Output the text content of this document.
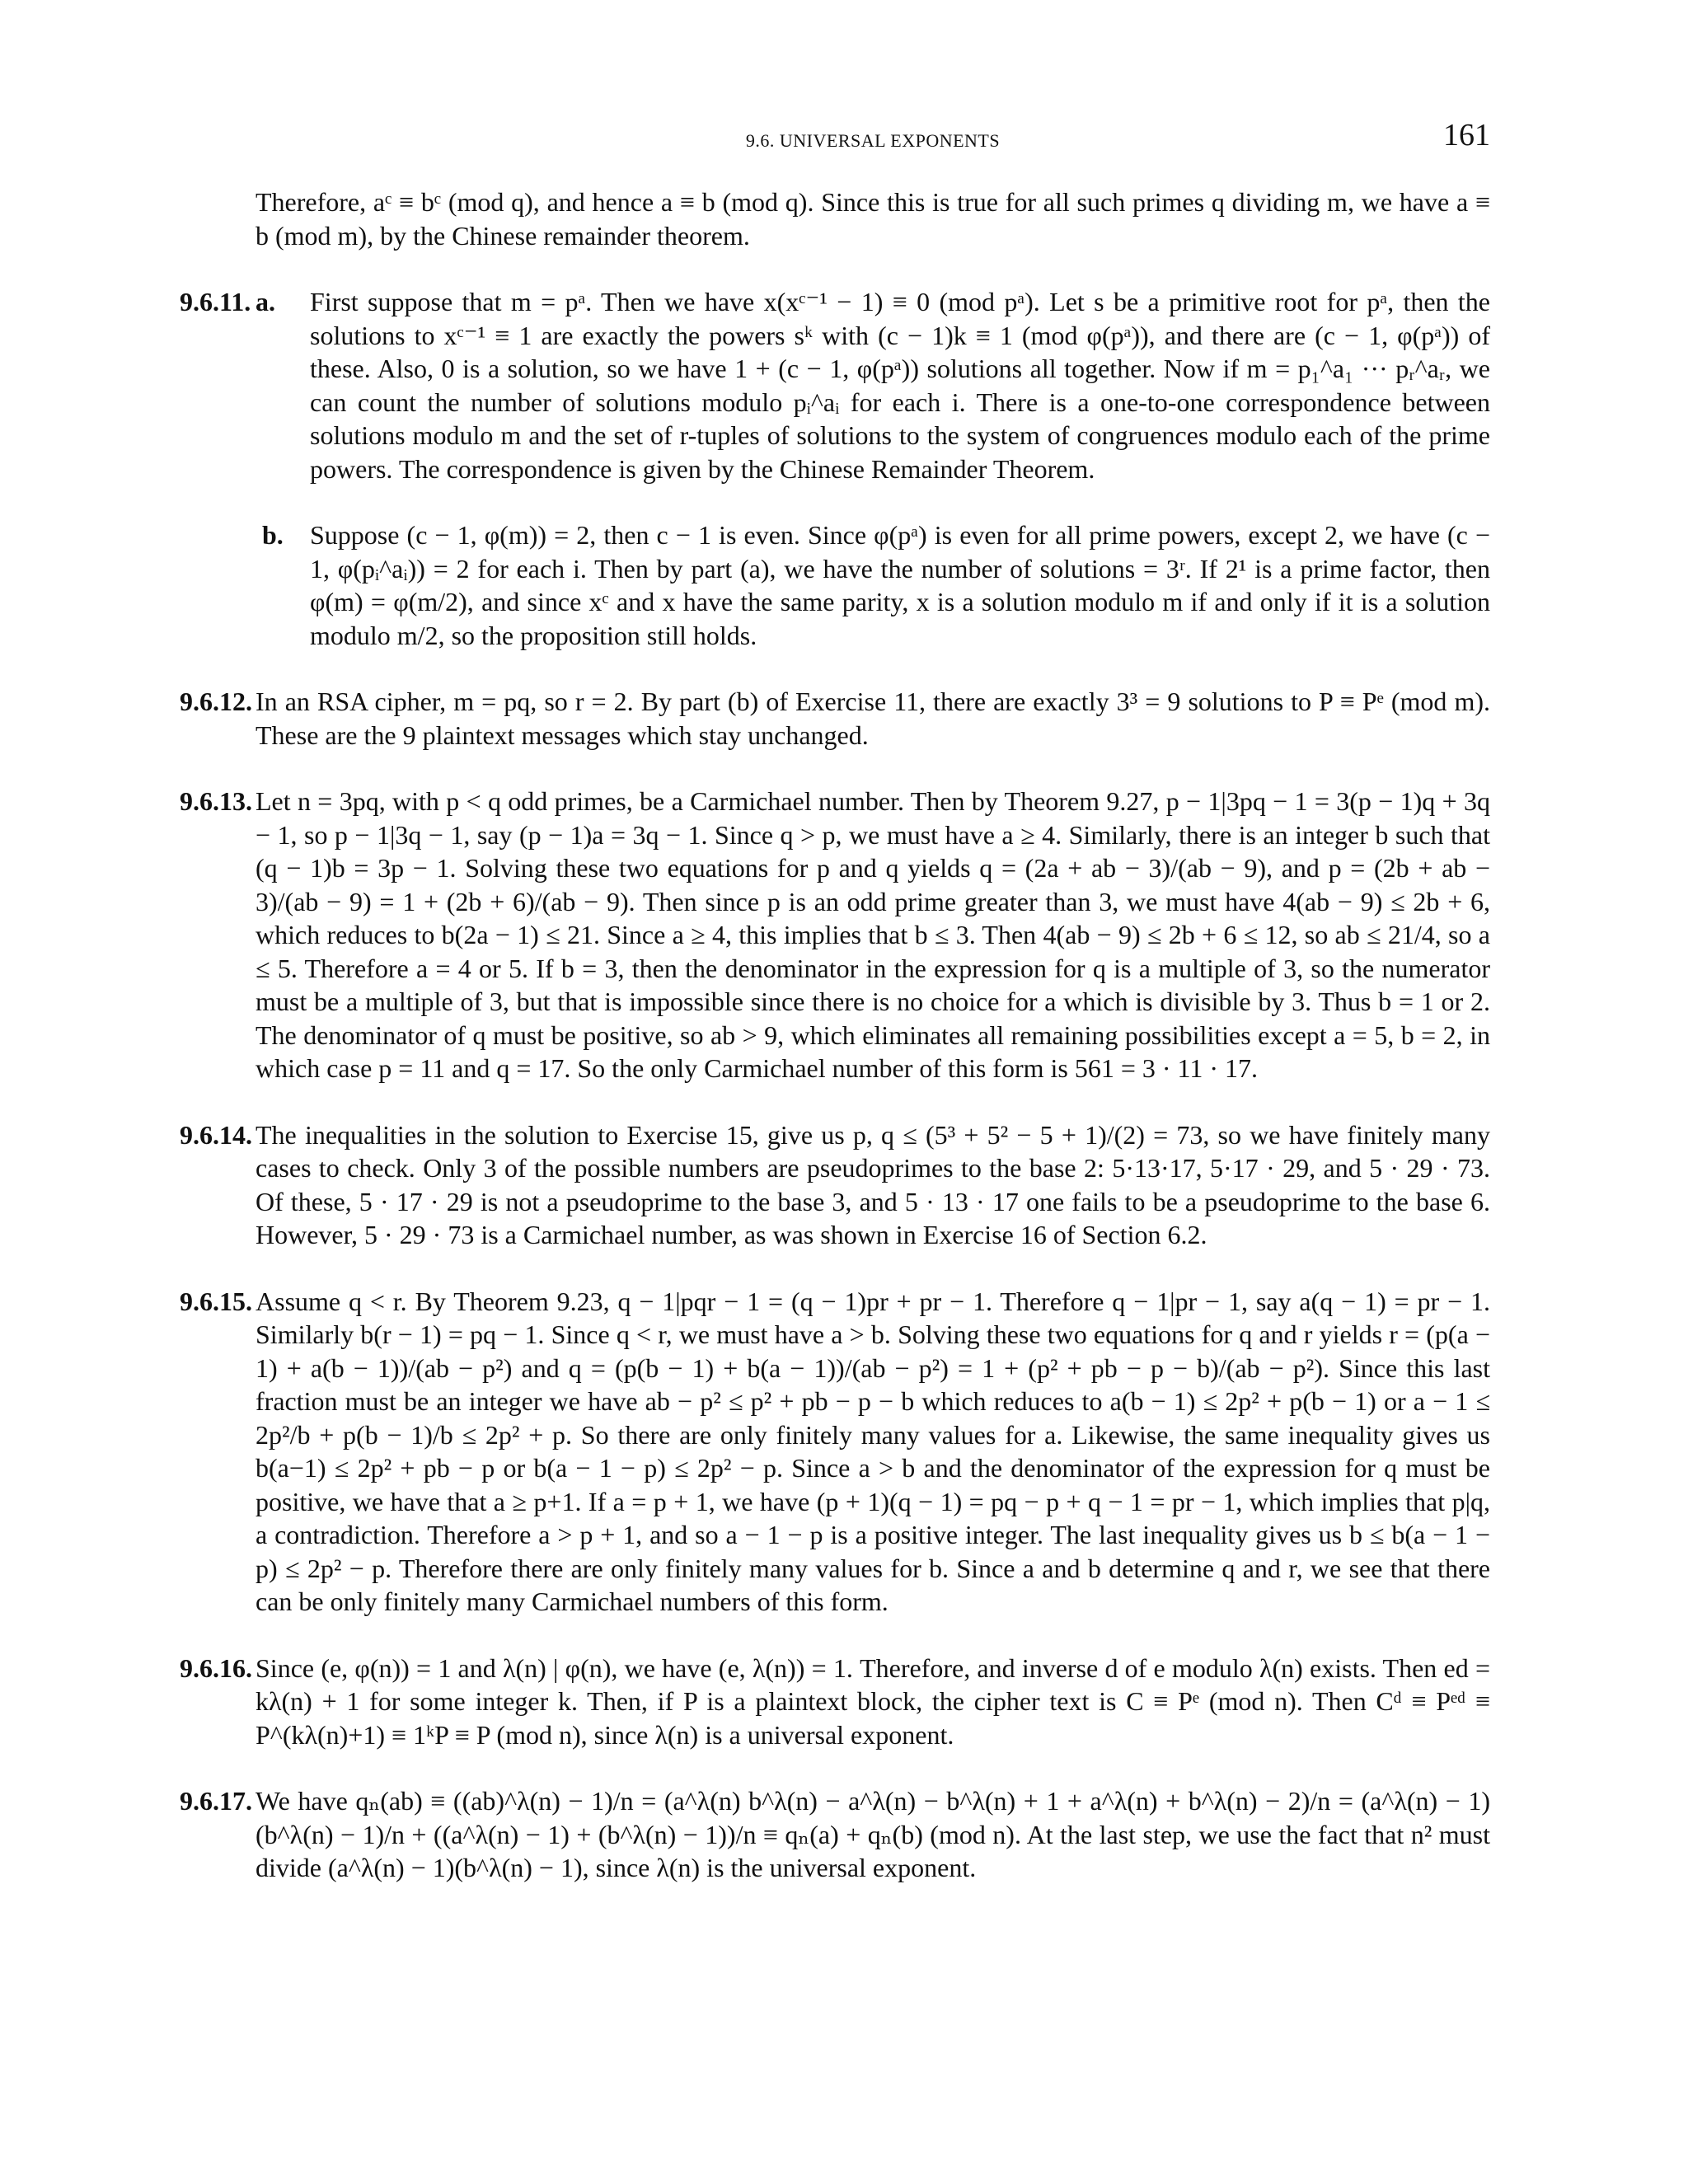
9.6. UNIVERSAL EXPONENTS	161

Therefore, aᶜ ≡ bᶜ (mod q), and hence a ≡ b (mod q). Since this is true for all such primes q dividing m, we have a ≡ b (mod m), by the Chinese remainder theorem.

9.6.11. a. First suppose that m = pᵃ. Then we have x(xᶜ⁻¹ − 1) ≡ 0 (mod pᵃ). Let s be a primitive root for pᵃ, then the solutions to xᶜ⁻¹ ≡ 1 are exactly the powers sᵏ with (c − 1)k ≡ 1 (mod φ(pᵃ)), and there are (c − 1, φ(pᵃ)) of these. Also, 0 is a solution, so we have 1 + (c − 1, φ(pᵃ)) solutions all together. Now if m = p₁^a₁ ··· pᵣ^aᵣ, we can count the number of solutions modulo pᵢ^aᵢ for each i. There is a one-to-one correspondence between solutions modulo m and the set of r-tuples of solutions to the system of congruences modulo each of the prime powers. The correspondence is given by the Chinese Remainder Theorem.

b. Suppose (c − 1, φ(m)) = 2, then c − 1 is even. Since φ(pᵃ) is even for all prime powers, except 2, we have (c − 1, φ(pᵢ^aᵢ)) = 2 for each i. Then by part (a), we have the number of solutions = 3ʳ. If 2¹ is a prime factor, then φ(m) = φ(m/2), and since xᶜ and x have the same parity, x is a solution modulo m if and only if it is a solution modulo m/2, so the proposition still holds.

9.6.12. In an RSA cipher, m = pq, so r = 2. By part (b) of Exercise 11, there are exactly 3³ = 9 solutions to P ≡ Pᵉ (mod m). These are the 9 plaintext messages which stay unchanged.

9.6.13. Let n = 3pq, with p < q odd primes, be a Carmichael number. Then by Theorem 9.27, p − 1|3pq − 1 = 3(p − 1)q + 3q − 1, so p − 1|3q − 1, say (p − 1)a = 3q − 1. Since q > p, we must have a ≥ 4. Similarly, there is an integer b such that (q − 1)b = 3p − 1. Solving these two equations for p and q yields q = (2a + ab − 3)/(ab − 9), and p = (2b + ab − 3)/(ab − 9) = 1 + (2b + 6)/(ab − 9). Then since p is an odd prime greater than 3, we must have 4(ab − 9) ≤ 2b + 6, which reduces to b(2a − 1) ≤ 21. Since a ≥ 4, this implies that b ≤ 3. Then 4(ab − 9) ≤ 2b + 6 ≤ 12, so ab ≤ 21/4, so a ≤ 5. Therefore a = 4 or 5. If b = 3, then the denominator in the expression for q is a multiple of 3, so the numerator must be a multiple of 3, but that is impossible since there is no choice for a which is divisible by 3. Thus b = 1 or 2. The denominator of q must be positive, so ab > 9, which eliminates all remaining possibilities except a = 5, b = 2, in which case p = 11 and q = 17. So the only Carmichael number of this form is 561 = 3 · 11 · 17.

9.6.14. The inequalities in the solution to Exercise 15, give us p, q ≤ (5³ + 5² − 5 + 1)/(2) = 73, so we have finitely many cases to check. Only 3 of the possible numbers are pseudoprimes to the base 2: 5·13·17, 5·17 · 29, and 5 · 29 · 73. Of these, 5 · 17 · 29 is not a pseudoprime to the base 3, and 5 · 13 · 17 one fails to be a pseudoprime to the base 6. However, 5 · 29 · 73 is a Carmichael number, as was shown in Exercise 16 of Section 6.2.

9.6.15. Assume q < r. By Theorem 9.23, q − 1|pqr − 1 = (q − 1)pr + pr − 1. Therefore q − 1|pr − 1, say a(q − 1) = pr − 1. Similarly b(r − 1) = pq − 1. Since q < r, we must have a > b. Solving these two equations for q and r yields r = (p(a − 1) + a(b − 1))/(ab − p²) and q = (p(b − 1) + b(a − 1))/(ab − p²) = 1 + (p² + pb − p − b)/(ab − p²). Since this last fraction must be an integer we have ab − p² ≤ p² + pb − p − b which reduces to a(b − 1) ≤ 2p² + p(b − 1) or a − 1 ≤ 2p²/b + p(b − 1)/b ≤ 2p² + p. So there are only finitely many values for a. Likewise, the same inequality gives us b(a−1) ≤ 2p² + pb − p or b(a − 1 − p) ≤ 2p² − p. Since a > b and the denominator of the expression for q must be positive, we have that a ≥ p+1. If a = p + 1, we have (p + 1)(q − 1) = pq − p + q − 1 = pr − 1, which implies that p|q, a contradiction. Therefore a > p + 1, and so a − 1 − p is a positive integer. The last inequality gives us b ≤ b(a − 1 − p) ≤ 2p² − p. Therefore there are only finitely many values for b. Since a and b determine q and r, we see that there can be only finitely many Carmichael numbers of this form.

9.6.16. Since (e, φ(n)) = 1 and λ(n) | φ(n), we have (e, λ(n)) = 1. Therefore, and inverse d of e modulo λ(n) exists. Then ed = kλ(n) + 1 for some integer k. Then, if P is a plaintext block, the cipher text is C ≡ Pᵉ (mod n). Then Cᵈ ≡ Pᵉᵈ ≡ P^(kλ(n)+1) ≡ 1ᵏP ≡ P (mod n), since λ(n) is a universal exponent.

9.6.17. We have qₙ(ab) ≡ ((ab)^λ(n) − 1)/n = (a^λ(n) b^λ(n) − a^λ(n) − b^λ(n) + 1 + a^λ(n) + b^λ(n) − 2)/n = (a^λ(n) − 1)(b^λ(n) − 1)/n + ((a^λ(n) − 1) + (b^λ(n) − 1))/n ≡ qₙ(a) + qₙ(b) (mod n). At the last step, we use the fact that n² must divide (a^λ(n) − 1)(b^λ(n) − 1), since λ(n) is the universal exponent.
